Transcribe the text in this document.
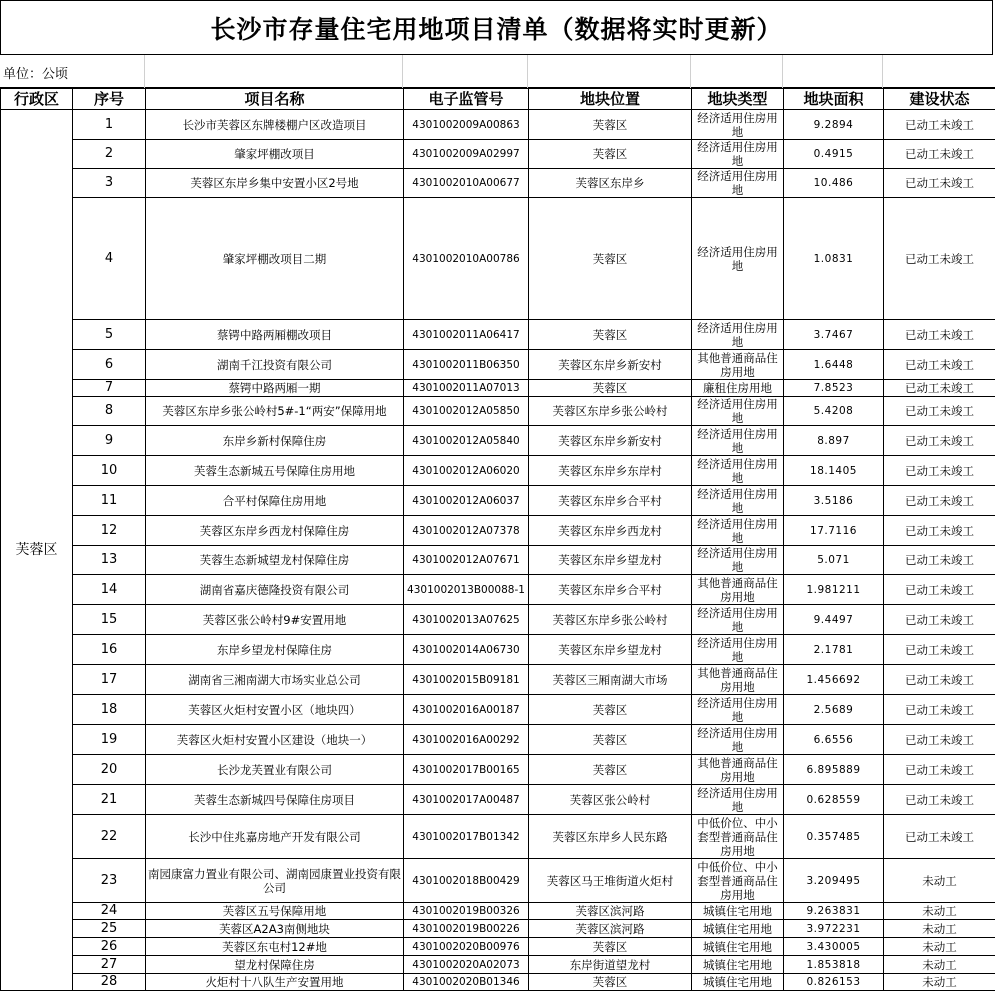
长沙市存量住宅用地项目清单（数据将实时更新）
单位：公顷
行政区	序号	项目名称	电子监管号	地块位置	地块类型	地块面积	建设状态
芙蓉区	1	长沙市芙蓉区东牌楼棚户区改造项目	4301002009A00863	芙蓉区	经济适用住房用地	9.2894	已动工未竣工
	2	肇家坪棚改项目	4301002009A02997	芙蓉区	经济适用住房用地	0.4915	已动工未竣工
	3	芙蓉区东岸乡集中安置小区2号地	4301002010A00677	芙蓉区东岸乡	经济适用住房用地	10.486	已动工未竣工
	4	肇家坪棚改项目二期	4301002010A00786	芙蓉区	经济适用住房用地	1.0831	已动工未竣工
	5	蔡锷中路两厢棚改项目	4301002011A06417	芙蓉区	经济适用住房用地	3.7467	已动工未竣工
	6	湖南千江投资有限公司	4301002011B06350	芙蓉区东岸乡新安村	其他普通商品住房用地	1.6448	已动工未竣工
	7	蔡锷中路两厢一期	4301002011A07013	芙蓉区	廉租住房用地	7.8523	已动工未竣工
	8	芙蓉区东岸乡张公岭村5#-1“两安”保障用地	4301002012A05850	芙蓉区东岸乡张公岭村	经济适用住房用地	5.4208	已动工未竣工
	9	东岸乡新村保障住房	4301002012A05840	芙蓉区东岸乡新安村	经济适用住房用地	8.897	已动工未竣工
	10	芙蓉生态新城五号保障住房用地	4301002012A06020	芙蓉区东岸乡东岸村	经济适用住房用地	18.1405	已动工未竣工
	11	合平村保障住房用地	4301002012A06037	芙蓉区东岸乡合平村	经济适用住房用地	3.5186	已动工未竣工
	12	芙蓉区东岸乡西龙村保障住房	4301002012A07378	芙蓉区东岸乡西龙村	经济适用住房用地	17.7116	已动工未竣工
	13	芙蓉生态新城望龙村保障住房	4301002012A07671	芙蓉区东岸乡望龙村	经济适用住房用地	5.071	已动工未竣工
	14	湖南省嘉庆德隆投资有限公司	4301002013B00088-1	芙蓉区东岸乡合平村	其他普通商品住房用地	1.981211	已动工未竣工
	15	芙蓉区张公岭村9#安置用地	4301002013A07625	芙蓉区东岸乡张公岭村	经济适用住房用地	9.4497	已动工未竣工
	16	东岸乡望龙村保障住房	4301002014A06730	芙蓉区东岸乡望龙村	经济适用住房用地	2.1781	已动工未竣工
	17	湖南省三湘南湖大市场实业总公司	4301002015B09181	芙蓉区三厢南湖大市场	其他普通商品住房用地	1.456692	已动工未竣工
	18	芙蓉区火炬村安置小区（地块四）	4301002016A00187	芙蓉区	经济适用住房用地	2.5689	已动工未竣工
	19	芙蓉区火炬村安置小区建设（地块一）	4301002016A00292	芙蓉区	经济适用住房用地	6.6556	已动工未竣工
	20	长沙龙芙置业有限公司	4301002017B00165	芙蓉区	其他普通商品住房用地	6.895889	已动工未竣工
	21	芙蓉生态新城四号保障住房项目	4301002017A00487	芙蓉区张公岭村	经济适用住房用地	0.628559	已动工未竣工
	22	长沙中住兆嘉房地产开发有限公司	4301002017B01342	芙蓉区东岸乡人民东路	中低价位、中小套型普通商品住房用地	0.357485	已动工未竣工
	23	南园康富力置业有限公司、湖南园康置业投资有限公司	4301002018B00429	芙蓉区马王堆街道火炬村	中低价位、中小套型普通商品住房用地	3.209495	未动工
	24	芙蓉区五号保障用地	4301002019B00326	芙蓉区滨河路	城镇住宅用地	9.263831	未动工
	25	芙蓉区A2A3南侧地块	4301002019B00226	芙蓉区滨河路	城镇住宅用地	3.972231	未动工
	26	芙蓉区东屯村12#地	4301002020B00976	芙蓉区	城镇住宅用地	3.430005	未动工
	27	望龙村保障住房	4301002020A02073	东岸街道望龙村	城镇住宅用地	1.853818	未动工
	28	火炬村十八队生产安置用地	4301002020B01346	芙蓉区	城镇住宅用地	0.826153	未动工
